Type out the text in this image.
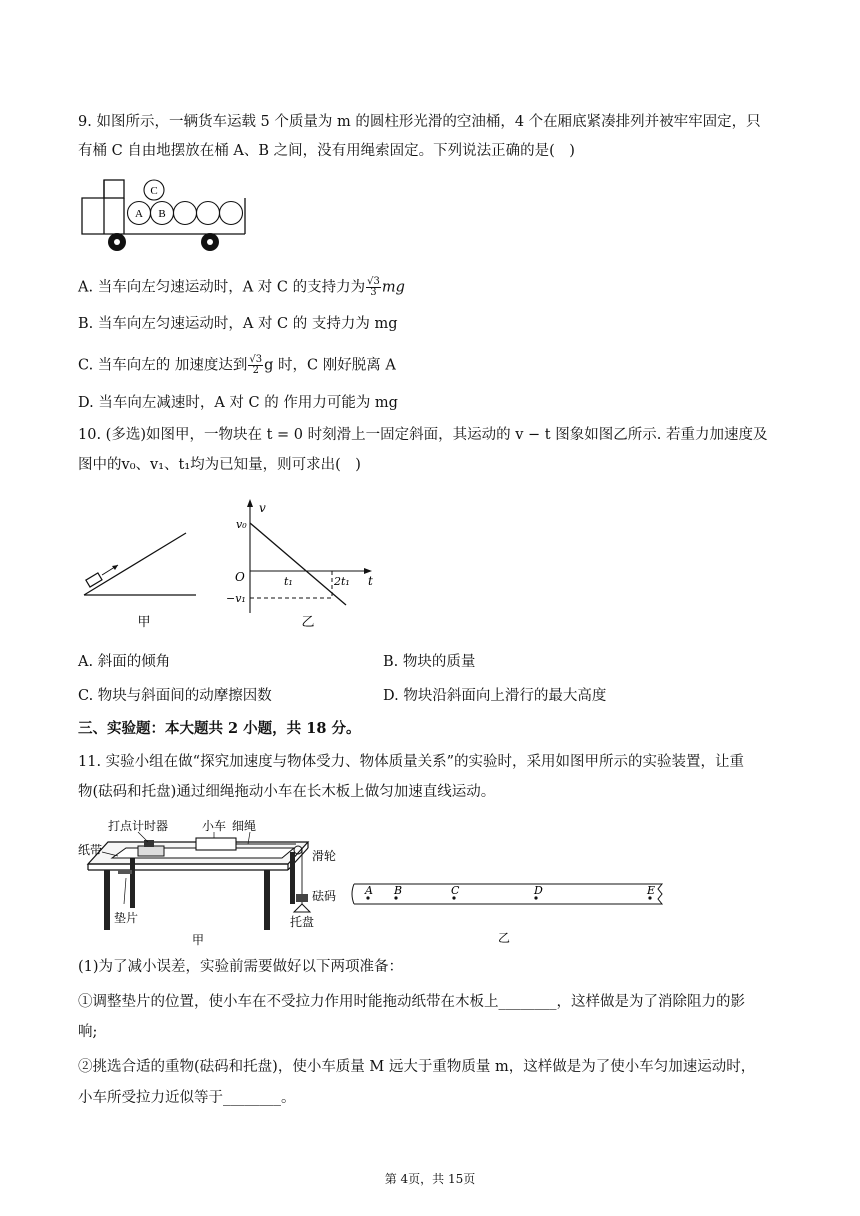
9. 如图所示，一辆货车运载 5 个质量为 m 的圆柱形光滑的空油桶，4 个在厢底紧凑排列并被牢牢固定，只
有桶 C 自由地摆放在桶 A、B 之间，没有用绳索固定。下列说法正确的是(　)
C
A B
A. 当车向左匀速运动时，A 对 C 的支持力为 $\frac{√3}{3}$ mg
B. 当车向左匀速运动时，A 对 C 的 支持力为 mg
C. 当车向左的 加速度达到 $\frac{√3}{2}$ g 时，C 刚好脱离 A
D. 当车向左减速时，A 对 C 的 作用力可能为 mg
10. (多选)如图甲，一物块在 t = 0 时刻滑上一固定斜面，其运动的 v − t 图象如图乙所示. 若重力加速度及
图中的v₀、v₁、t₁均为已知量，则可求出(　)
甲
v
v₀
O
−v₁
t₁	2t₁ t
乙
A. 斜面的倾角	B. 物块的质量
C. 物块与斜面间的动摩擦因数	D. 物块沿斜面向上滑行的最大高度
三、实验题：本大题共 2 小题，共 18 分。
11. 实验小组在做“探究加速度与物体受力、物体质量关系”的实验时，采用如图甲所示的实验装置，让重
物(砝码和托盘)通过细绳拖动小车在长木板上做匀加速直线运动。
打点计时器	小车 细绳
纸带	滑轮
砝码
垫片	托盘
甲
A B	C	D	E
乙
(1)为了减小误差，实验前需要做好以下两项准备：
①调整垫片的位置，使小车在不受拉力作用时能拖动纸带在木板上________，这样做是为了消除阻力的影
响;
②挑选合适的重物(砝码和托盘)，使小车质量 M 远大于重物质量 m，这样做是为了使小车匀加速运动时，
小车所受拉力近似等于________。
第 4页，共 15页
